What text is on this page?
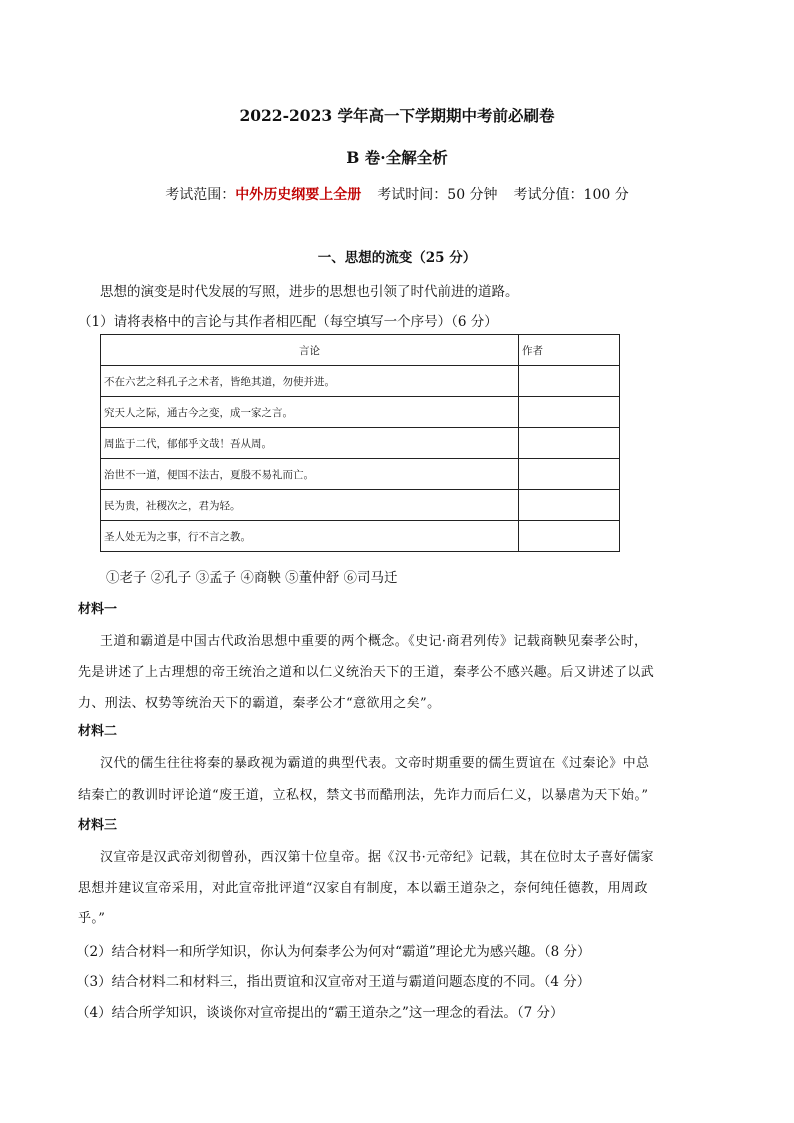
2022-2023 学年高一下学期期中考前必刷卷
B 卷·全解全析
考试范围：中外历史纲要上全册 考试时间：50 分钟 考试分值：100 分
一、思想的流变（25 分）
思想的演变是时代发展的写照，进步的思想也引领了时代前进的道路。
（1）请将表格中的言论与其作者相匹配（每空填写一个序号）（6 分）
言论	作者
不在六艺之科孔子之术者，皆绝其道，勿使并进。	
究天人之际，通古今之变，成一家之言。	
周监于二代，郁郁乎文哉！吾从周。	
治世不一道，便国不法古，夏殷不易礼而亡。	
民为贵，社稷次之，君为轻。	
圣人处无为之事，行不言之教。	
①老子 ②孔子 ③孟子 ④商鞅 ⑤董仲舒 ⑥司马迁
材料一
王道和霸道是中国古代政治思想中重要的两个概念。《史记·商君列传》记载商鞅见秦孝公时，
先是讲述了上古理想的帝王统治之道和以仁义统治天下的王道，秦孝公不感兴趣。后又讲述了以武
力、刑法、权势等统治天下的霸道，秦孝公才“意欲用之矣”。
材料二
汉代的儒生往往将秦的暴政视为霸道的典型代表。文帝时期重要的儒生贾谊在《过秦论》中总
结秦亡的教训时评论道“废王道，立私权，禁文书而酷刑法，先诈力而后仁义，以暴虐为天下始。”
材料三
汉宣帝是汉武帝刘彻曾孙，西汉第十位皇帝。据《汉书·元帝纪》记载，其在位时太子喜好儒家
思想并建议宣帝采用，对此宣帝批评道“汉家自有制度，本以霸王道杂之，奈何纯任德教，用周政
乎。”
（2）结合材料一和所学知识，你认为何秦孝公为何对“霸道”理论尤为感兴趣。（8 分）
（3）结合材料二和材料三，指出贾谊和汉宣帝对王道与霸道问题态度的不同。（4 分）
（4）结合所学知识，谈谈你对宣帝提出的“霸王道杂之”这一理念的看法。（7 分）
